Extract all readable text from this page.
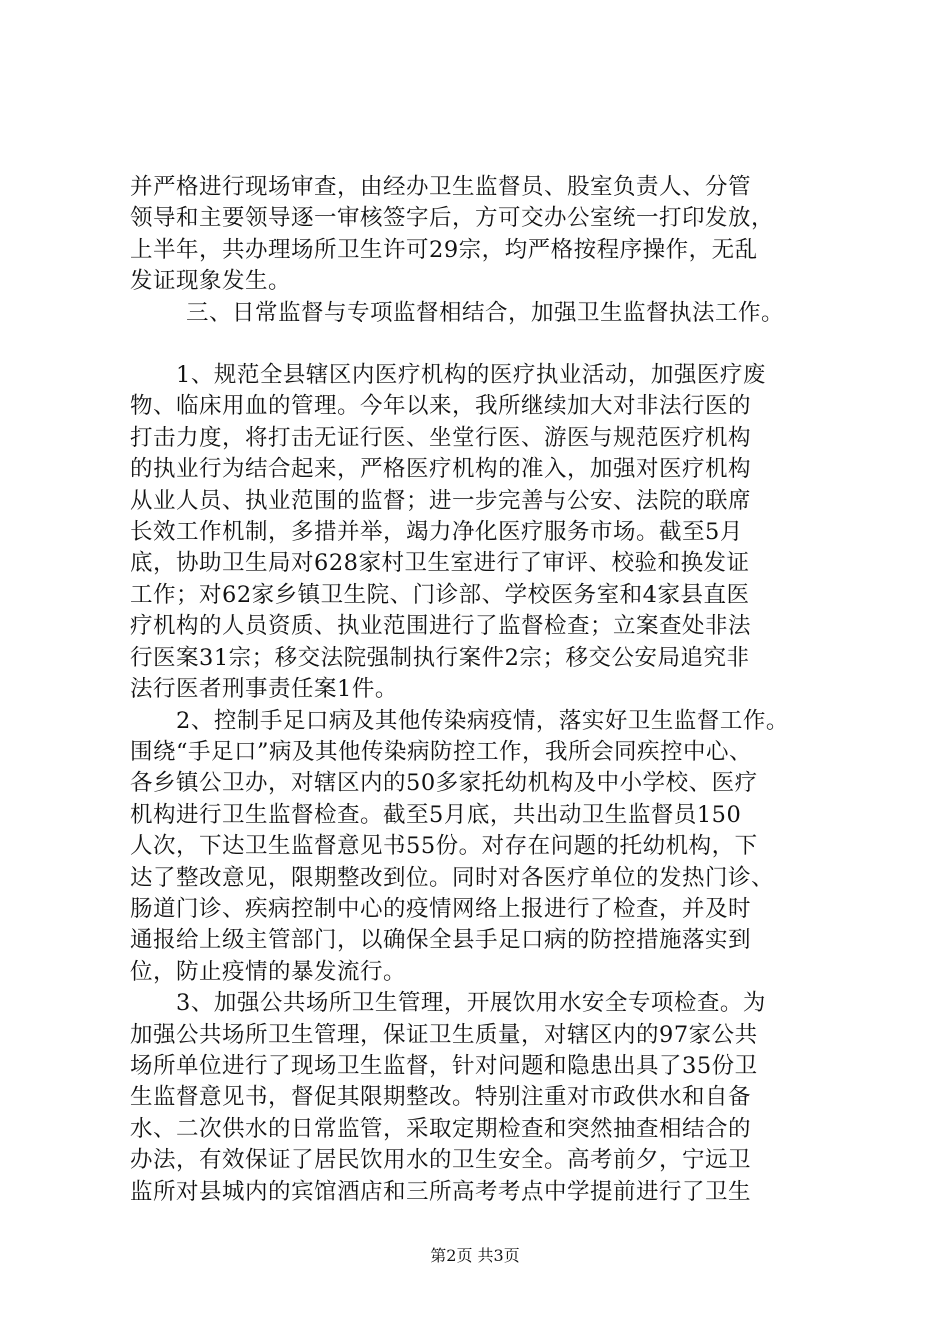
并严格进行现场审查，由经办卫生监督员、股室负责人、分管
领导和主要领导逐一审核签字后，方可交办公室统一打印发放，
上半年，共办理场所卫生许可29宗，均严格按程序操作，无乱
发证现象发生。
三、日常监督与专项监督相结合，加强卫生监督执法工作。
1、规范全县辖区内医疗机构的医疗执业活动，加强医疗废
物、临床用血的管理。今年以来，我所继续加大对非法行医的
打击力度，将打击无证行医、坐堂行医、游医与规范医疗机构
的执业行为结合起来，严格医疗机构的准入，加强对医疗机构
从业人员、执业范围的监督；进一步完善与公安、法院的联席
长效工作机制，多措并举，竭力净化医疗服务市场。截至5月
底，协助卫生局对628家村卫生室进行了审评、校验和换发证
工作；对62家乡镇卫生院、门诊部、学校医务室和4家县直医
疗机构的人员资质、执业范围进行了监督检查；立案查处非法
行医案31宗；移交法院强制执行案件2宗；移交公安局追究非
法行医者刑事责任案1件。
2、控制手足口病及其他传染病疫情，落实好卫生监督工作。
围绕“手足口”病及其他传染病防控工作，我所会同疾控中心、
各乡镇公卫办，对辖区内的50多家托幼机构及中小学校、医疗
机构进行卫生监督检查。截至5月底，共出动卫生监督员150
人次，下达卫生监督意见书55份。对存在问题的托幼机构，下
达了整改意见，限期整改到位。同时对各医疗单位的发热门诊、
肠道门诊、疾病控制中心的疫情网络上报进行了检查，并及时
通报给上级主管部门，以确保全县手足口病的防控措施落实到
位，防止疫情的暴发流行。
3、加强公共场所卫生管理，开展饮用水安全专项检查。为
加强公共场所卫生管理，保证卫生质量，对辖区内的97家公共
场所单位进行了现场卫生监督，针对问题和隐患出具了35份卫
生监督意见书，督促其限期整改。特别注重对市政供水和自备
水、二次供水的日常监管，采取定期检查和突然抽查相结合的
办法，有效保证了居民饮用水的卫生安全。高考前夕，宁远卫
监所对县城内的宾馆酒店和三所高考考点中学提前进行了卫生
第2页 共3页
